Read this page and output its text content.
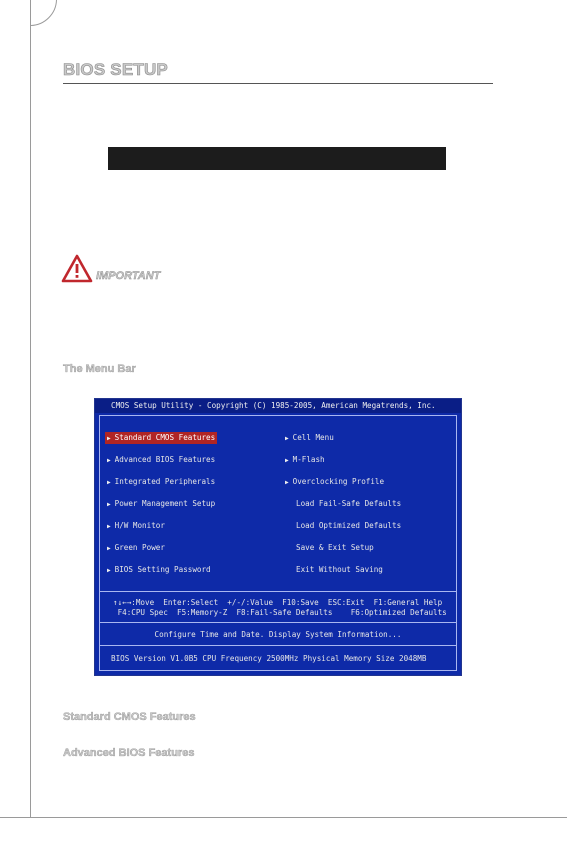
BIOS SETUP
IMPORTANT
The Menu Bar
CMOS Setup Utility - Copyright (C) 1985-2005, American Megatrends, Inc.
▶ Standard CMOS Features
▶ Advanced BIOS Features
▶ Integrated Peripherals
▶ Power Management Setup
▶ H/W Monitor
▶ Green Power
▶ BIOS Setting Password
▶ Cell Menu
▶ M-Flash
▶ Overclocking Profile
Load Fail-Safe Defaults
Load Optimized Defaults
Save & Exit Setup
Exit Without Saving
↑↓←→:Move  Enter:Select  +/-/:Value  F10:Save  ESC:Exit  F1:General Help
F4:CPU Spec  F5:Memory-Z  F8:Fail-Safe Defaults    F6:Optimized Defaults
Configure Time and Date. Display System Information...
BIOS Version V1.0B5 CPU Frequency 2500MHz Physical Memory Size 2048MB
Standard CMOS Features
Advanced BIOS Features
